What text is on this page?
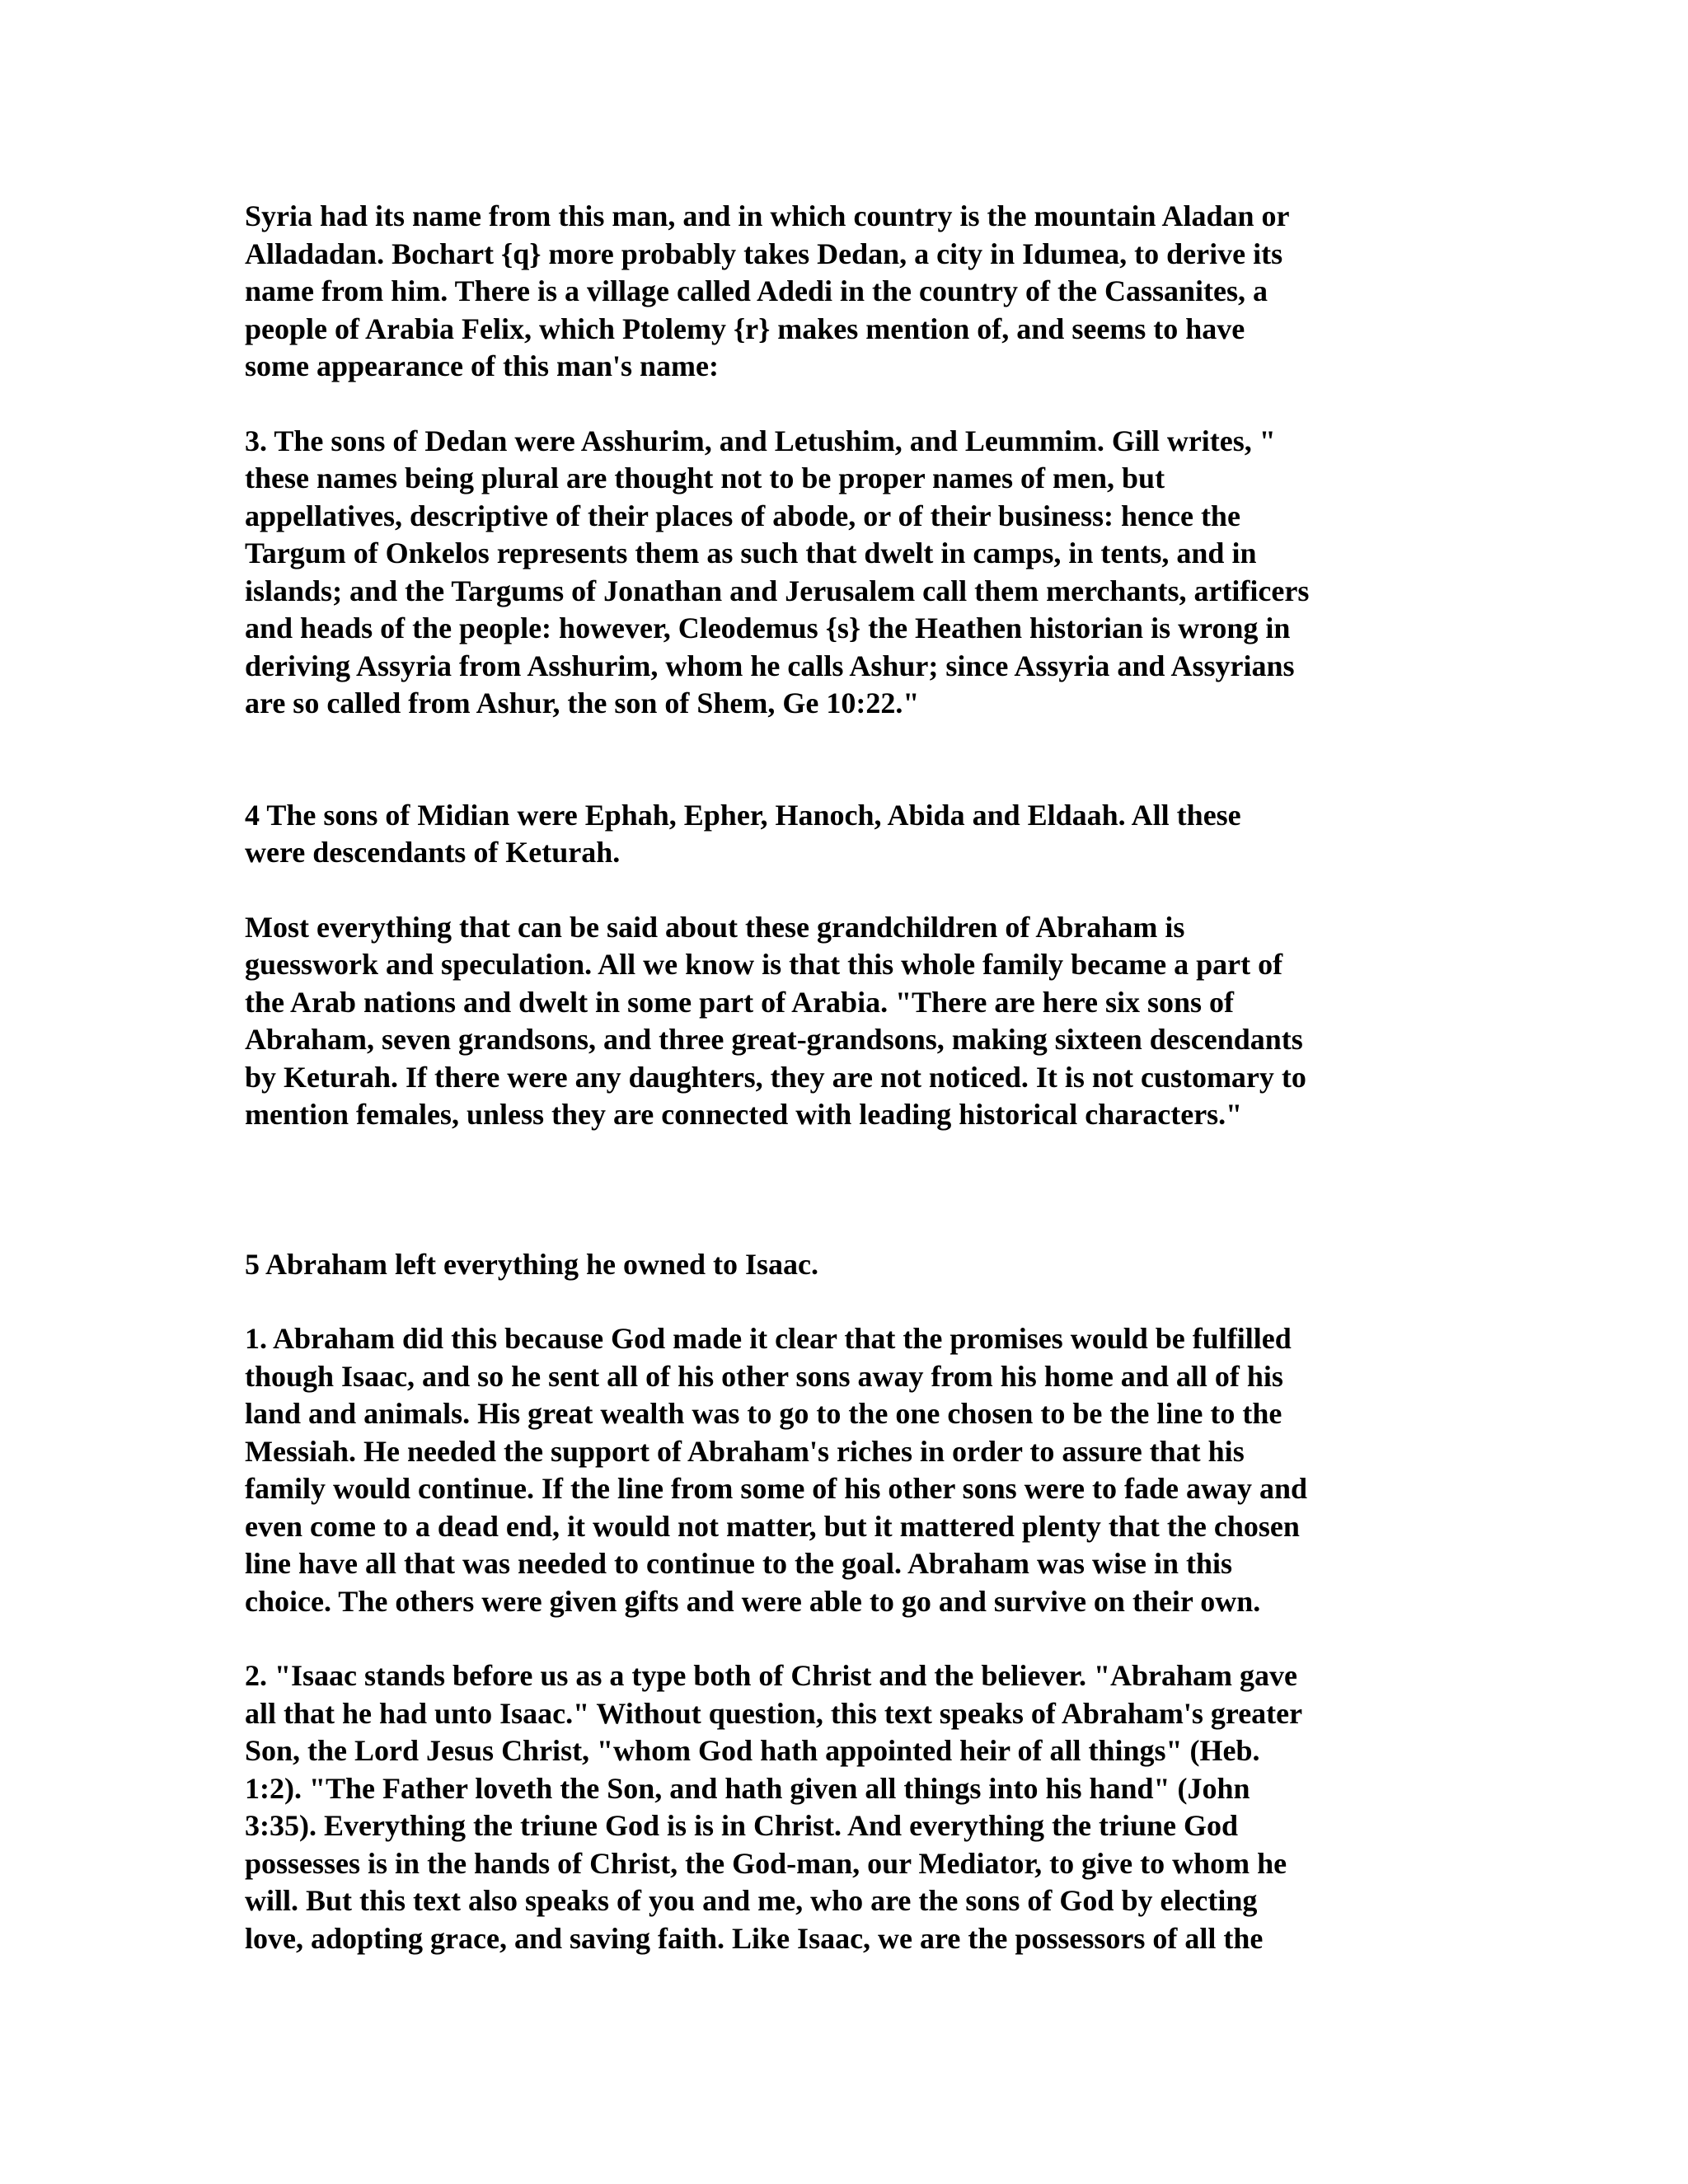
Syria had its name from this man, and in which country is the mountain Aladan or
Alladadan. Bochart {q} more probably takes Dedan, a city in Idumea, to derive its
name from him. There is a village called Adedi in the country of the Cassanites, a
people of Arabia Felix, which Ptolemy {r} makes mention of, and seems to have
some appearance of this man's name:

3. The sons of Dedan were Asshurim, and Letushim, and Leummim. Gill writes, "
these names being plural are thought not to be proper names of men, but
appellatives, descriptive of their places of abode, or of their business: hence the
Targum of Onkelos represents them as such that dwelt in camps, in tents, and in
islands; and the Targums of Jonathan and Jerusalem call them merchants, artificers
and heads of the people: however, Cleodemus {s} the Heathen historian is wrong in
deriving Assyria from Asshurim, whom he calls Ashur; since Assyria and Assyrians
are so called from Ashur, the son of Shem, Ge 10:22."

4 The sons of Midian were Ephah, Epher, Hanoch, Abida and Eldaah. All these
were descendants of Keturah.

Most everything that can be said about these grandchildren of Abraham is
guesswork and speculation. All we know is that this whole family became a part of
the Arab nations and dwelt in some part of Arabia. "There are here six sons of
Abraham, seven grandsons, and three great-grandsons, making sixteen descendants
by Keturah. If there were any daughters, they are not noticed. It is not customary to
mention females, unless they are connected with leading historical characters."

5 Abraham left everything he owned to Isaac.

1. Abraham did this because God made it clear that the promises would be fulfilled
though Isaac, and so he sent all of his other sons away from his home and all of his
land and animals. His great wealth was to go to the one chosen to be the line to the
Messiah. He needed the support of Abraham's riches in order to assure that his
family would continue. If the line from some of his other sons were to fade away and
even come to a dead end, it would not matter, but it mattered plenty that the chosen
line have all that was needed to continue to the goal. Abraham was wise in this
choice. The others were given gifts and were able to go and survive on their own.

2. "Isaac stands before us as a type both of Christ and the believer. "Abraham gave
all that he had unto Isaac." Without question, this text speaks of Abraham's greater
Son, the Lord Jesus Christ, "whom God hath appointed heir of all things" (Heb.
1:2). "The Father loveth the Son, and hath given all things into his hand" (John
3:35). Everything the triune God is is in Christ. And everything the triune God
possesses is in the hands of Christ, the God-man, our Mediator, to give to whom he
will. But this text also speaks of you and me, who are the sons of God by electing
love, adopting grace, and saving faith. Like Isaac, we are the possessors of all the
